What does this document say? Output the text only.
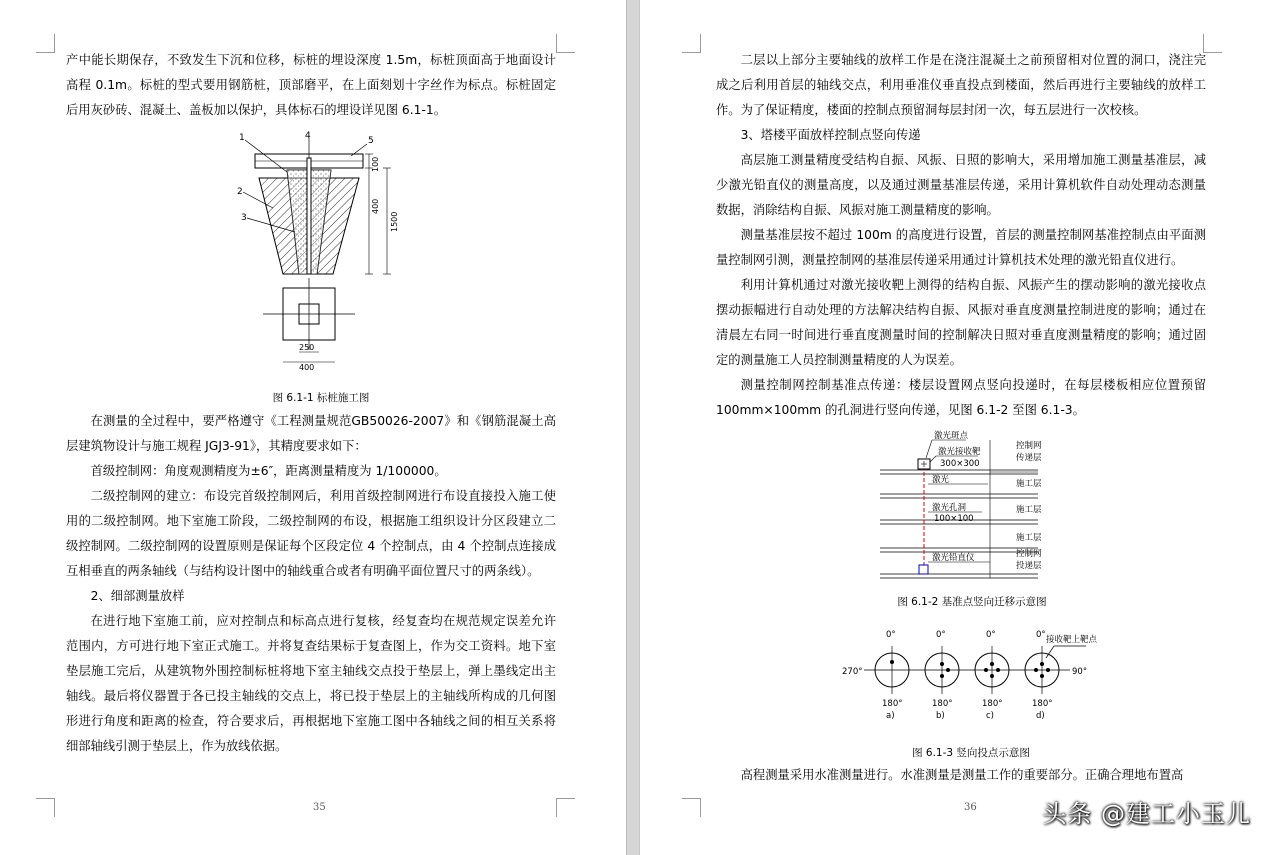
产中能长期保存，不致发生下沉和位移，标桩的埋设深度 1.5m，标桩顶面高于地面设计高程 0.1m。标桩的型式要用钢筋桩，顶部磨平，在上面刻划十字丝作为标点。标桩固定后用灰砂砖、混凝土、盖板加以保护，具体标石的埋设详见图 6.1-1。

1	4	5
2
3
100
400
1500
250
400
图 6.1-1 标桩施工图

在测量的全过程中，要严格遵守《工程测量规范GB50026-2007》和《钢筋混凝土高层建筑物设计与施工规程 JGJ3-91》，其精度要求如下：

首级控制网：角度观测精度为±6″，距离测量精度为 1/100000。

二级控制网的建立：布设完首级控制网后，利用首级控制网进行布设直接投入施工使用的二级控制网。地下室施工阶段，二级控制网的布设，根据施工组织设计分区段建立二级控制网。二级控制网的设置原则是保证每个区段定位 4 个控制点，由 4 个控制点连接成互相垂直的两条轴线（与结构设计图中的轴线重合或者有明确平面位置尺寸的两条线）。

2、细部测量放样

在进行地下室施工前，应对控制点和标高点进行复核，经复查均在规范规定误差允许范围内，方可进行地下室正式施工。并将复查结果标于复查图上，作为交工资料。地下室垫层施工完后，从建筑物外围控制标桩将地下室主轴线交点投于垫层上，弹上墨线定出主轴线。最后将仪器置于各已投主轴线的交点上，将已投于垫层上的主轴线所构成的几何图形进行角度和距离的检查，符合要求后，再根据地下室施工图中各轴线之间的相互关系将细部轴线引测于垫层上，作为放线依据。

35

二层以上部分主要轴线的放样工作是在浇注混凝土之前预留相对位置的洞口，浇注完成之后利用首层的轴线交点，利用垂准仪垂直投点到楼面，然后再进行主要轴线的放样工作。为了保证精度，楼面的控制点预留洞每层封闭一次，每五层进行一次校核。

3、塔楼平面放样控制点竖向传递

高层施工测量精度受结构自振、风振、日照的影响大，采用增加施工测量基准层，减少激光铅直仪的测量高度，以及通过测量基准层传递，采用计算机软件自动处理动态测量数据，消除结构自振、风振对施工测量精度的影响。

测量基准层按不超过 100m 的高度进行设置，首层的测量控制网基准控制点由平面测量控制网引测，测量控制网的基准层传递采用通过计算机技术处理的激光铅直仪进行。

利用计算机通过对激光接收靶上测得的结构自振、风振产生的摆动影响的激光接收点摆动振幅进行自动处理的方法解决结构自振、风振对垂直度测量控制进度的影响；通过在清晨左右同一时间进行垂直度测量时间的控制解决日照对垂直度测量精度的影响；通过固定的测量施工人员控制测量精度的人为误差。

测量控制网控制基准点传递：楼层设置网点竖向投递时，在每层楼板相应位置预留 100mm×100mm 的孔洞进行竖向传递，见图 6.1-2 至图 6.1-3。

激光斑点
激光接收靶
300×300
激光
激光孔洞
100×100
激光铅直仪
控制网
传递层
施工层
施工层
施工层
控制网
投递层
图 6.1-2 基准点竖向迁移示意图
0°	0°	0°	0°
270°	90°
180°	180°	180°	180°
a)	b)	c)	d)
接收靶上靶点
图 6.1-3 竖向投点示意图

高程测量采用水准测量进行。水准测量是测量工作的重要部分。正确合理地布置高

36	头条 @建工小玉儿
